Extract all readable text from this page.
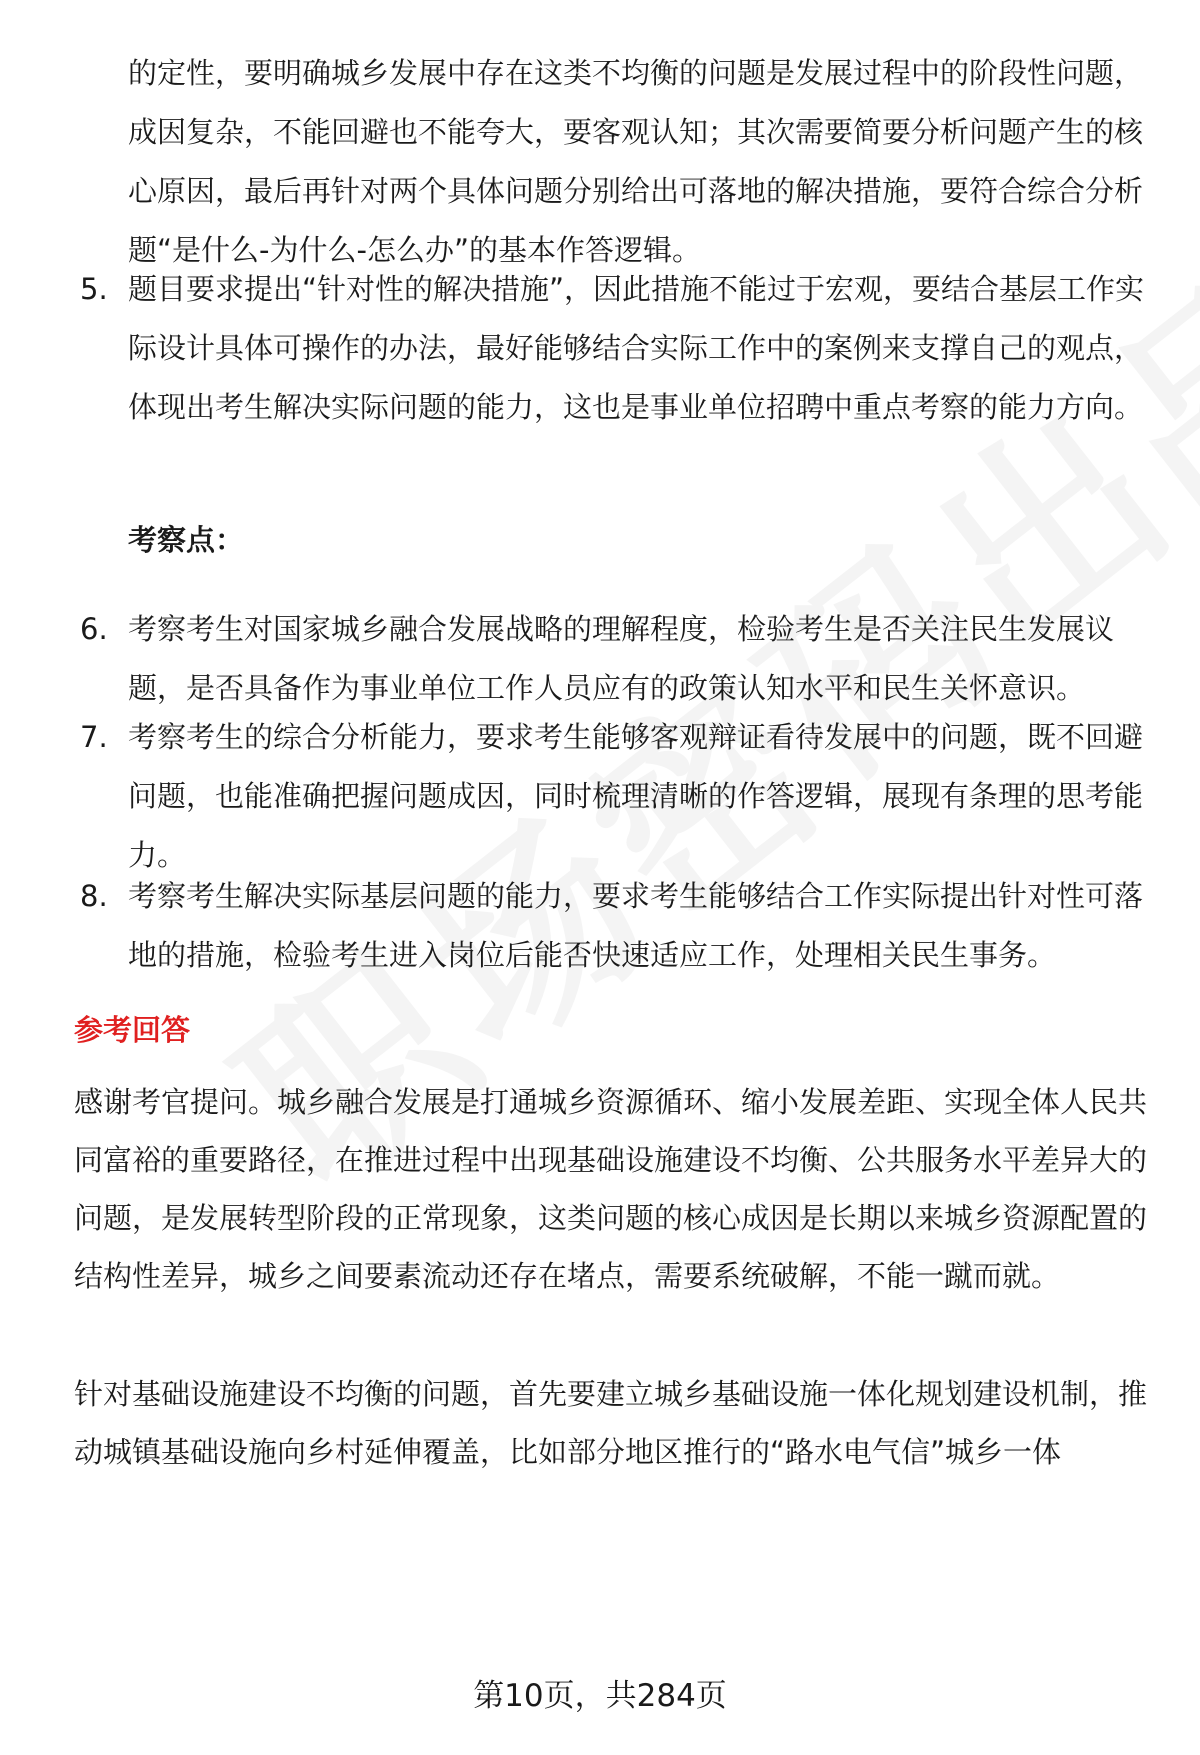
的定性，要明确城乡发展中存在这类不均衡的问题是发展过程中的阶段性问题，成因复杂，不能回避也不能夸大，要客观认知；其次需要简要分析问题产生的核心原因，最后再针对两个具体问题分别给出可落地的解决措施，要符合综合分析题“是什么-为什么-怎么办”的基本作答逻辑。
5. 题目要求提出“针对性的解决措施”，因此措施不能过于宏观，要结合基层工作实际设计具体可操作的办法，最好能够结合实际工作中的案例来支撑自己的观点，体现出考生解决实际问题的能力，这也是事业单位招聘中重点考察的能力方向。
考察点：
6. 考察考生对国家城乡融合发展战略的理解程度，检验考生是否关注民生发展议题，是否具备作为事业单位工作人员应有的政策认知水平和民生关怀意识。
7. 考察考生的综合分析能力，要求考生能够客观辩证看待发展中的问题，既不回避问题，也能准确把握问题成因，同时梳理清晰的作答逻辑，展现有条理的思考能力。
8. 考察考生解决实际基层问题的能力，要求考生能够结合工作实际提出针对性可落地的措施，检验考生进入岗位后能否快速适应工作，处理相关民生事务。
参考回答
感谢考官提问。城乡融合发展是打通城乡资源循环、缩小发展差距、实现全体人民共同富裕的重要路径，在推进过程中出现基础设施建设不均衡、公共服务水平差异大的问题，是发展转型阶段的正常现象，这类问题的核心成因是长期以来城乡资源配置的结构性差异，城乡之间要素流动还存在堵点，需要系统破解，不能一蹴而就。
针对基础设施建设不均衡的问题，首先要建立城乡基础设施一体化规划建设机制，推动城镇基础设施向乡村延伸覆盖，比如部分地区推行的“路水电气信”城乡一体
第10页，共284页
